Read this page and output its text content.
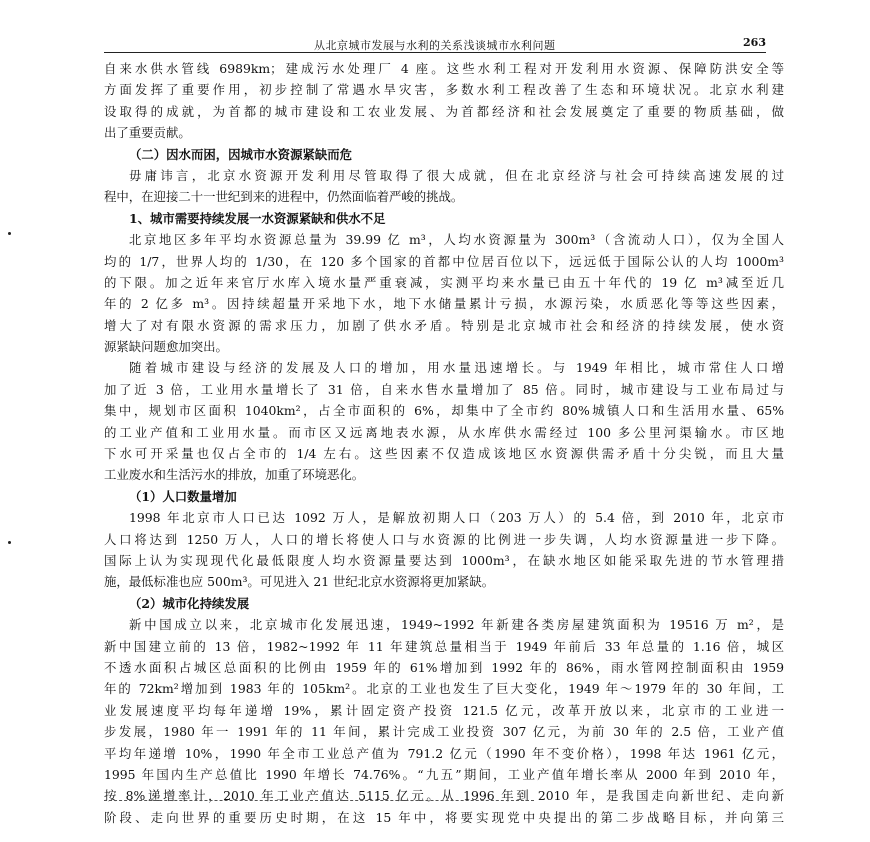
从北京城市发展与水利的关系浅谈城市水利问题	263
自来水供水管线 6989km；建成污水处理厂 4 座。这些水利工程对开发利用水资源、保障防洪安全等
方面发挥了重要作用，初步控制了常遇水旱灾害，多数水利工程改善了生态和环境状况。北京水利建
设取得的成就，为首都的城市建设和工农业发展、为首都经济和社会发展奠定了重要的物质基础，做
出了重要贡献。
（二）因水而困，因城市水资源紧缺而危
毋庸讳言，北京水资源开发利用尽管取得了很大成就，但在北京经济与社会可持续高速发展的过
程中，在迎接二十一世纪到来的进程中，仍然面临着严峻的挑战。
1、城市需要持续发展一水资源紧缺和供水不足
北京地区多年平均水资源总量为 39.99 亿 m³，人均水资源量为 300m³（含流动人口），仅为全国人
均的 1/7，世界人均的 1/30，在 120 多个国家的首都中位居百位以下，远远低于国际公认的人均 1000m³
的下限。加之近年来官厅水库入境水量严重衰减，实测平均来水量已由五十年代的 19 亿 m³减至近几
年的 2 亿多 m³。因持续超量开采地下水，地下水储量累计亏损，水源污染，水质恶化等等这些因素，
增大了对有限水资源的需求压力，加剧了供水矛盾。特别是北京城市社会和经济的持续发展，使水资
源紧缺问题愈加突出。
随着城市建设与经济的发展及人口的增加，用水量迅速增长。与 1949 年相比，城市常住人口增
加了近 3 倍，工业用水量增长了 31 倍，自来水售水量增加了 85 倍。同时，城市建设与工业布局过与
集中，规划市区面积 1040km²，占全市面积的 6%，却集中了全市约 80%城镇人口和生活用水量、65%
的工业产值和工业用水量。而市区又远离地表水源，从水库供水需经过 100 多公里河渠输水。市区地
下水可开采量也仅占全市的 1/4 左右。这些因素不仅造成该地区水资源供需矛盾十分尖锐，而且大量
工业废水和生活污水的排放，加重了环境恶化。
（1）人口数量增加
1998 年北京市人口已达 1092 万人，是解放初期人口（203 万人）的 5.4 倍，到 2010 年，北京市
人口将达到 1250 万人，人口的增长将使人口与水资源的比例进一步失调，人均水资源量进一步下降。
国际上认为实现现代化最低限度人均水资源量要达到 1000m³，在缺水地区如能采取先进的节水管理措
施，最低标准也应 500m³。可见进入 21 世纪北京水资源将更加紧缺。
（2）城市化持续发展
新中国成立以来，北京城市化发展迅速，1949~1992 年新建各类房屋建筑面积为 19516 万 m²，是
新中国建立前的 13 倍，1982~1992 年 11 年建筑总量相当于 1949 年前后 33 年总量的 1.16 倍，城区
不透水面积占城区总面积的比例由 1959 年的 61%增加到 1992 年的 86%，雨水管网控制面积由 1959
年的 72km²增加到 1983 年的 105km²。北京的工业也发生了巨大变化，1949 年～1979 年的 30 年间，工
业发展速度平均每年递增 19%，累计固定资产投资 121.5 亿元，改革开放以来，北京市的工业进一
步发展，1980 年一 1991 年的 11 年间，累计完成工业投资 307 亿元，为前 30 年的 2.5 倍，工业产值
平均年递增 10%，1990 年全市工业总产值为 791.2 亿元（1990 年不变价格），1998 年达 1961 亿元，
1995 年国内生产总值比 1990 年增长 74.76%。“九五”期间，工业产值年增长率从 2000 年到 2010 年，
按 8%递增率计，2010 年工业产值达 5115 亿元。从 1996 年到 2010 年，是我国走向新世纪、走向新
阶段、走向世界的重要历史时期，在这 15 年中，将要实现党中央提出的第二步战略目标，并向第三
